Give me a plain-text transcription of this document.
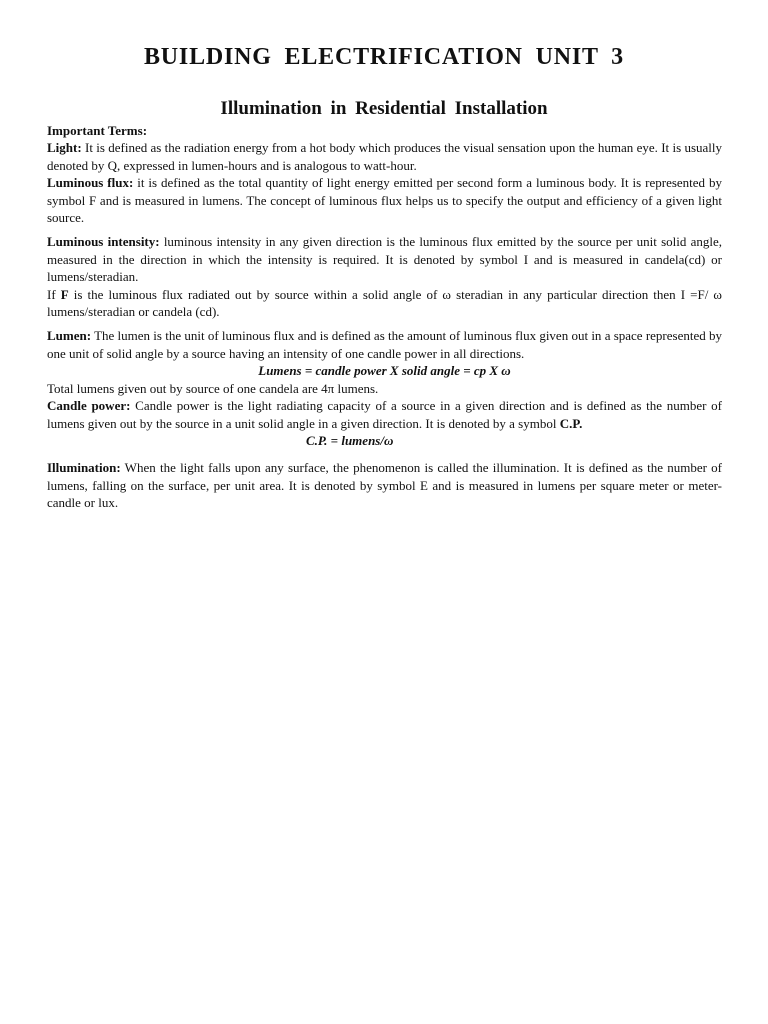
BUILDING ELECTRIFICATION UNIT 3
Illumination in Residential Installation

Important Terms:

Light: It is defined as the radiation energy from a hot body which produces the visual sensation upon the human eye. It is usually denoted by Q, expressed in lumen-hours and is analogous to watt-hour.

Luminous flux: it is defined as the total quantity of light energy emitted per second form a luminous body. It is represented by symbol F and is measured in lumens. The concept of luminous flux helps us to specify the output and efficiency of a given light source.

Luminous intensity: luminous intensity in any given direction is the luminous flux emitted by the source per unit solid angle, measured in the direction in which the intensity is required. It is denoted by symbol I and is measured in candela(cd) or lumens/steradian.

If F is the luminous flux radiated out by source within a solid angle of ω steradian in any particular direction then I =F/ ω lumens/steradian or candela (cd).

Lumen: The lumen is the unit of luminous flux and is defined as the amount of luminous flux given out in a space represented by one unit of solid angle by a source having an intensity of one candle power in all directions.

Lumens = candle power X solid angle = cp X ω

Total lumens given out by source of one candela are 4π lumens.

Candle power: Candle power is the light radiating capacity of a source in a given direction and is defined as the number of lumens given out by the source in a unit solid angle in a given direction. It is denoted by a symbol C.P.

C.P. = lumens/ω

Illumination: When the light falls upon any surface, the phenomenon is called the illumination. It is defined as the number of lumens, falling on the surface, per unit area. It is denoted by symbol E and is measured in lumens per square meter or meter-candle or lux.
